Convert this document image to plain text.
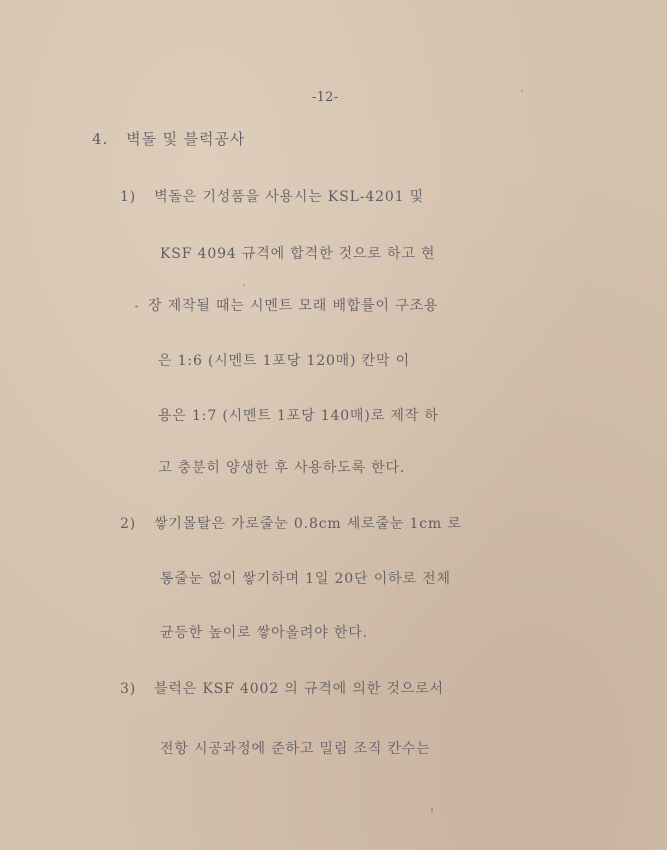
-12-
4. 벽돌 및 블럭공사
1) 벽돌은 기성품을 사용시는 KSL-4201 및
KSF 4094 규격에 합격한 것으로 하고 현
장 제작될 때는 시멘트 모래 배합률이 구조용
은 1:6 (시멘트 1포당 120매) 칸막 이
용은 1:7 (시멘트 1포당 140매)로 제작 하
고 충분히 양생한 후 사용하도록 한다.
2) 쌓기몰탈은 가로줄눈 0.8cm 세로줄눈 1cm 로
통줄눈 없이 쌓기하며 1일 20단 이하로 전체
균등한 높이로 쌓아올려야 한다.
3) 블럭은 KSF 4002 의 규격에 의한 것으로서
전항 시공과정에 준하고 밀림 조직 칸수는
